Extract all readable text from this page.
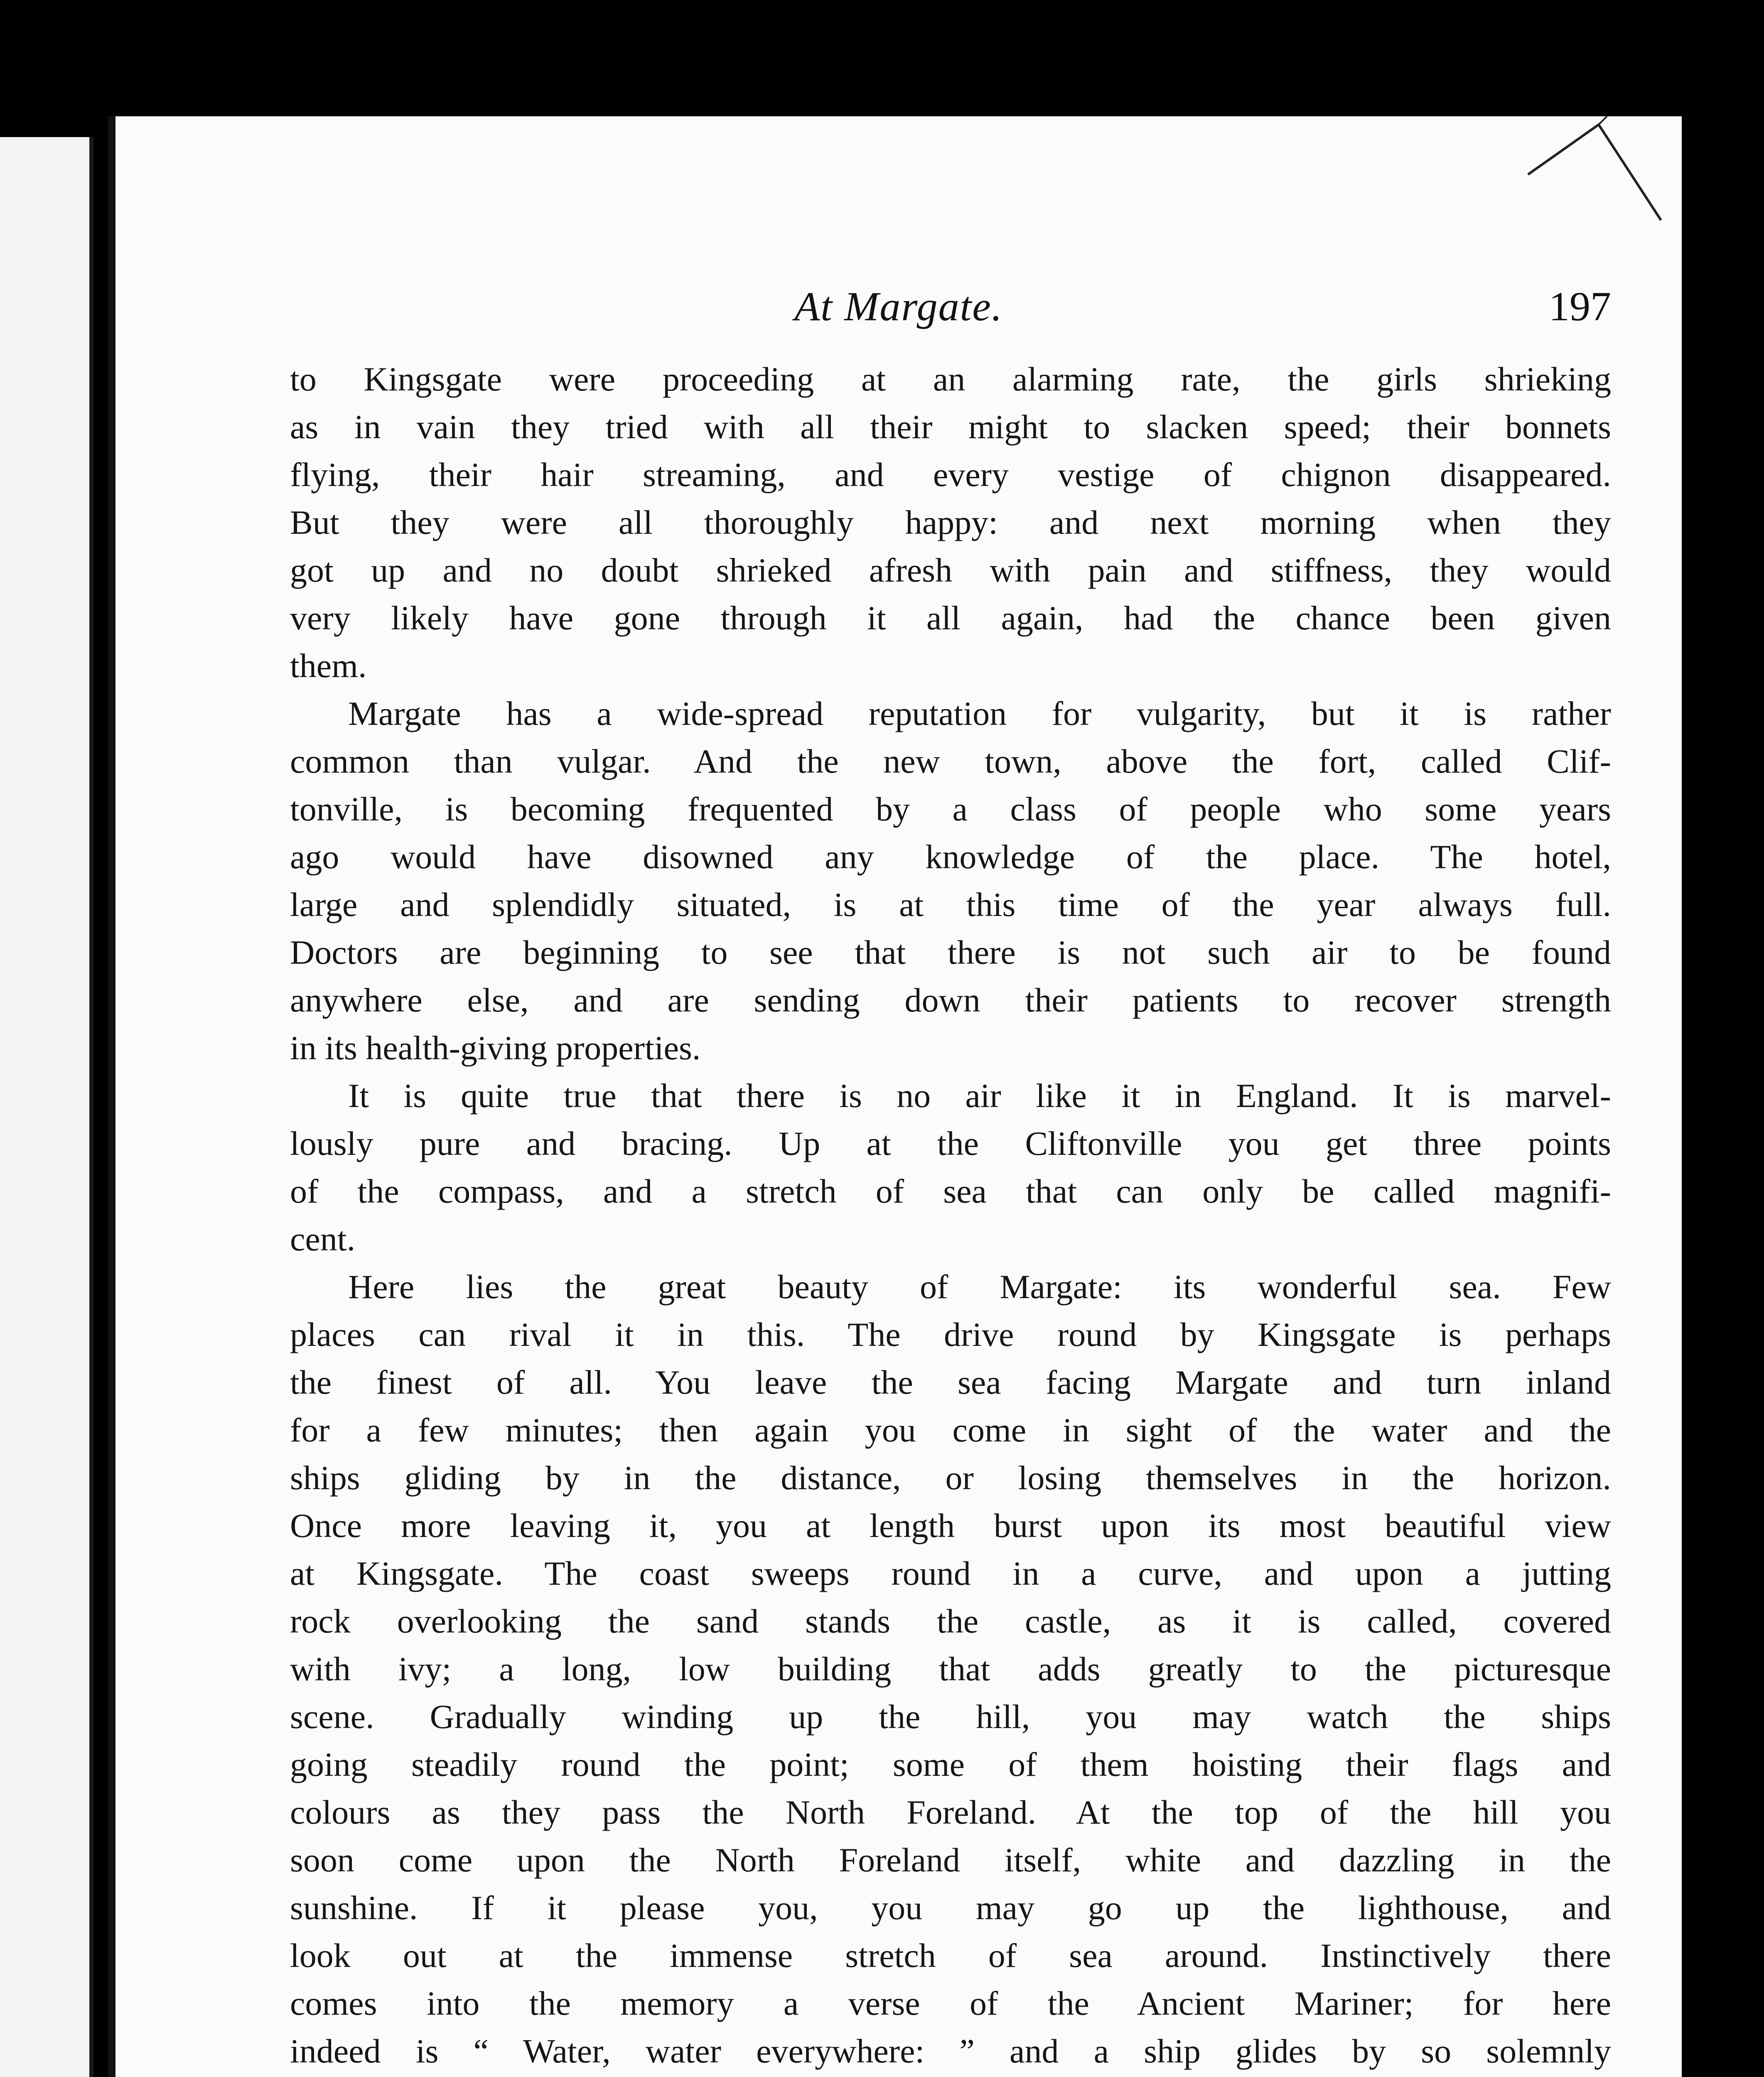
At Margate.	197

to Kingsgate were proceeding at an alarming rate, the girls shrieking
as in vain they tried with all their might to slacken speed; their bonnets
flying, their hair streaming, and every vestige of chignon disappeared.
But they were all thoroughly happy: and next morning when they
got up and no doubt shrieked afresh with pain and stiffness, they would
very likely have gone through it all again, had the chance been given
them.

Margate has a wide-spread reputation for vulgarity, but it is rather
common than vulgar. And the new town, above the fort, called Clif-
tonville, is becoming frequented by a class of people who some years
ago would have disowned any knowledge of the place. The hotel,
large and splendidly situated, is at this time of the year always full.
Doctors are beginning to see that there is not such air to be found
anywhere else, and are sending down their patients to recover strength
in its health-giving properties.

It is quite true that there is no air like it in England. It is marvel-
lously pure and bracing. Up at the Cliftonville you get three points
of the compass, and a stretch of sea that can only be called magnifi-
cent.

Here lies the great beauty of Margate: its wonderful sea. Few
places can rival it in this. The drive round by Kingsgate is perhaps
the finest of all. You leave the sea facing Margate and turn inland
for a few minutes; then again you come in sight of the water and the
ships gliding by in the distance, or losing themselves in the horizon.
Once more leaving it, you at length burst upon its most beautiful view
at Kingsgate. The coast sweeps round in a curve, and upon a jutting
rock overlooking the sand stands the castle, as it is called, covered
with ivy; a long, low building that adds greatly to the picturesque
scene. Gradually winding up the hill, you may watch the ships
going steadily round the point; some of them hoisting their flags and
colours as they pass the North Foreland. At the top of the hill you
soon come upon the North Foreland itself, white and dazzling in the
sunshine. If it please you, you may go up the lighthouse, and
look out at the immense stretch of sea around. Instinctively there
comes into the memory a verse of the Ancient Mariner; for here
indeed is “ Water, water everywhere: ” and a ship glides by so solemnly
